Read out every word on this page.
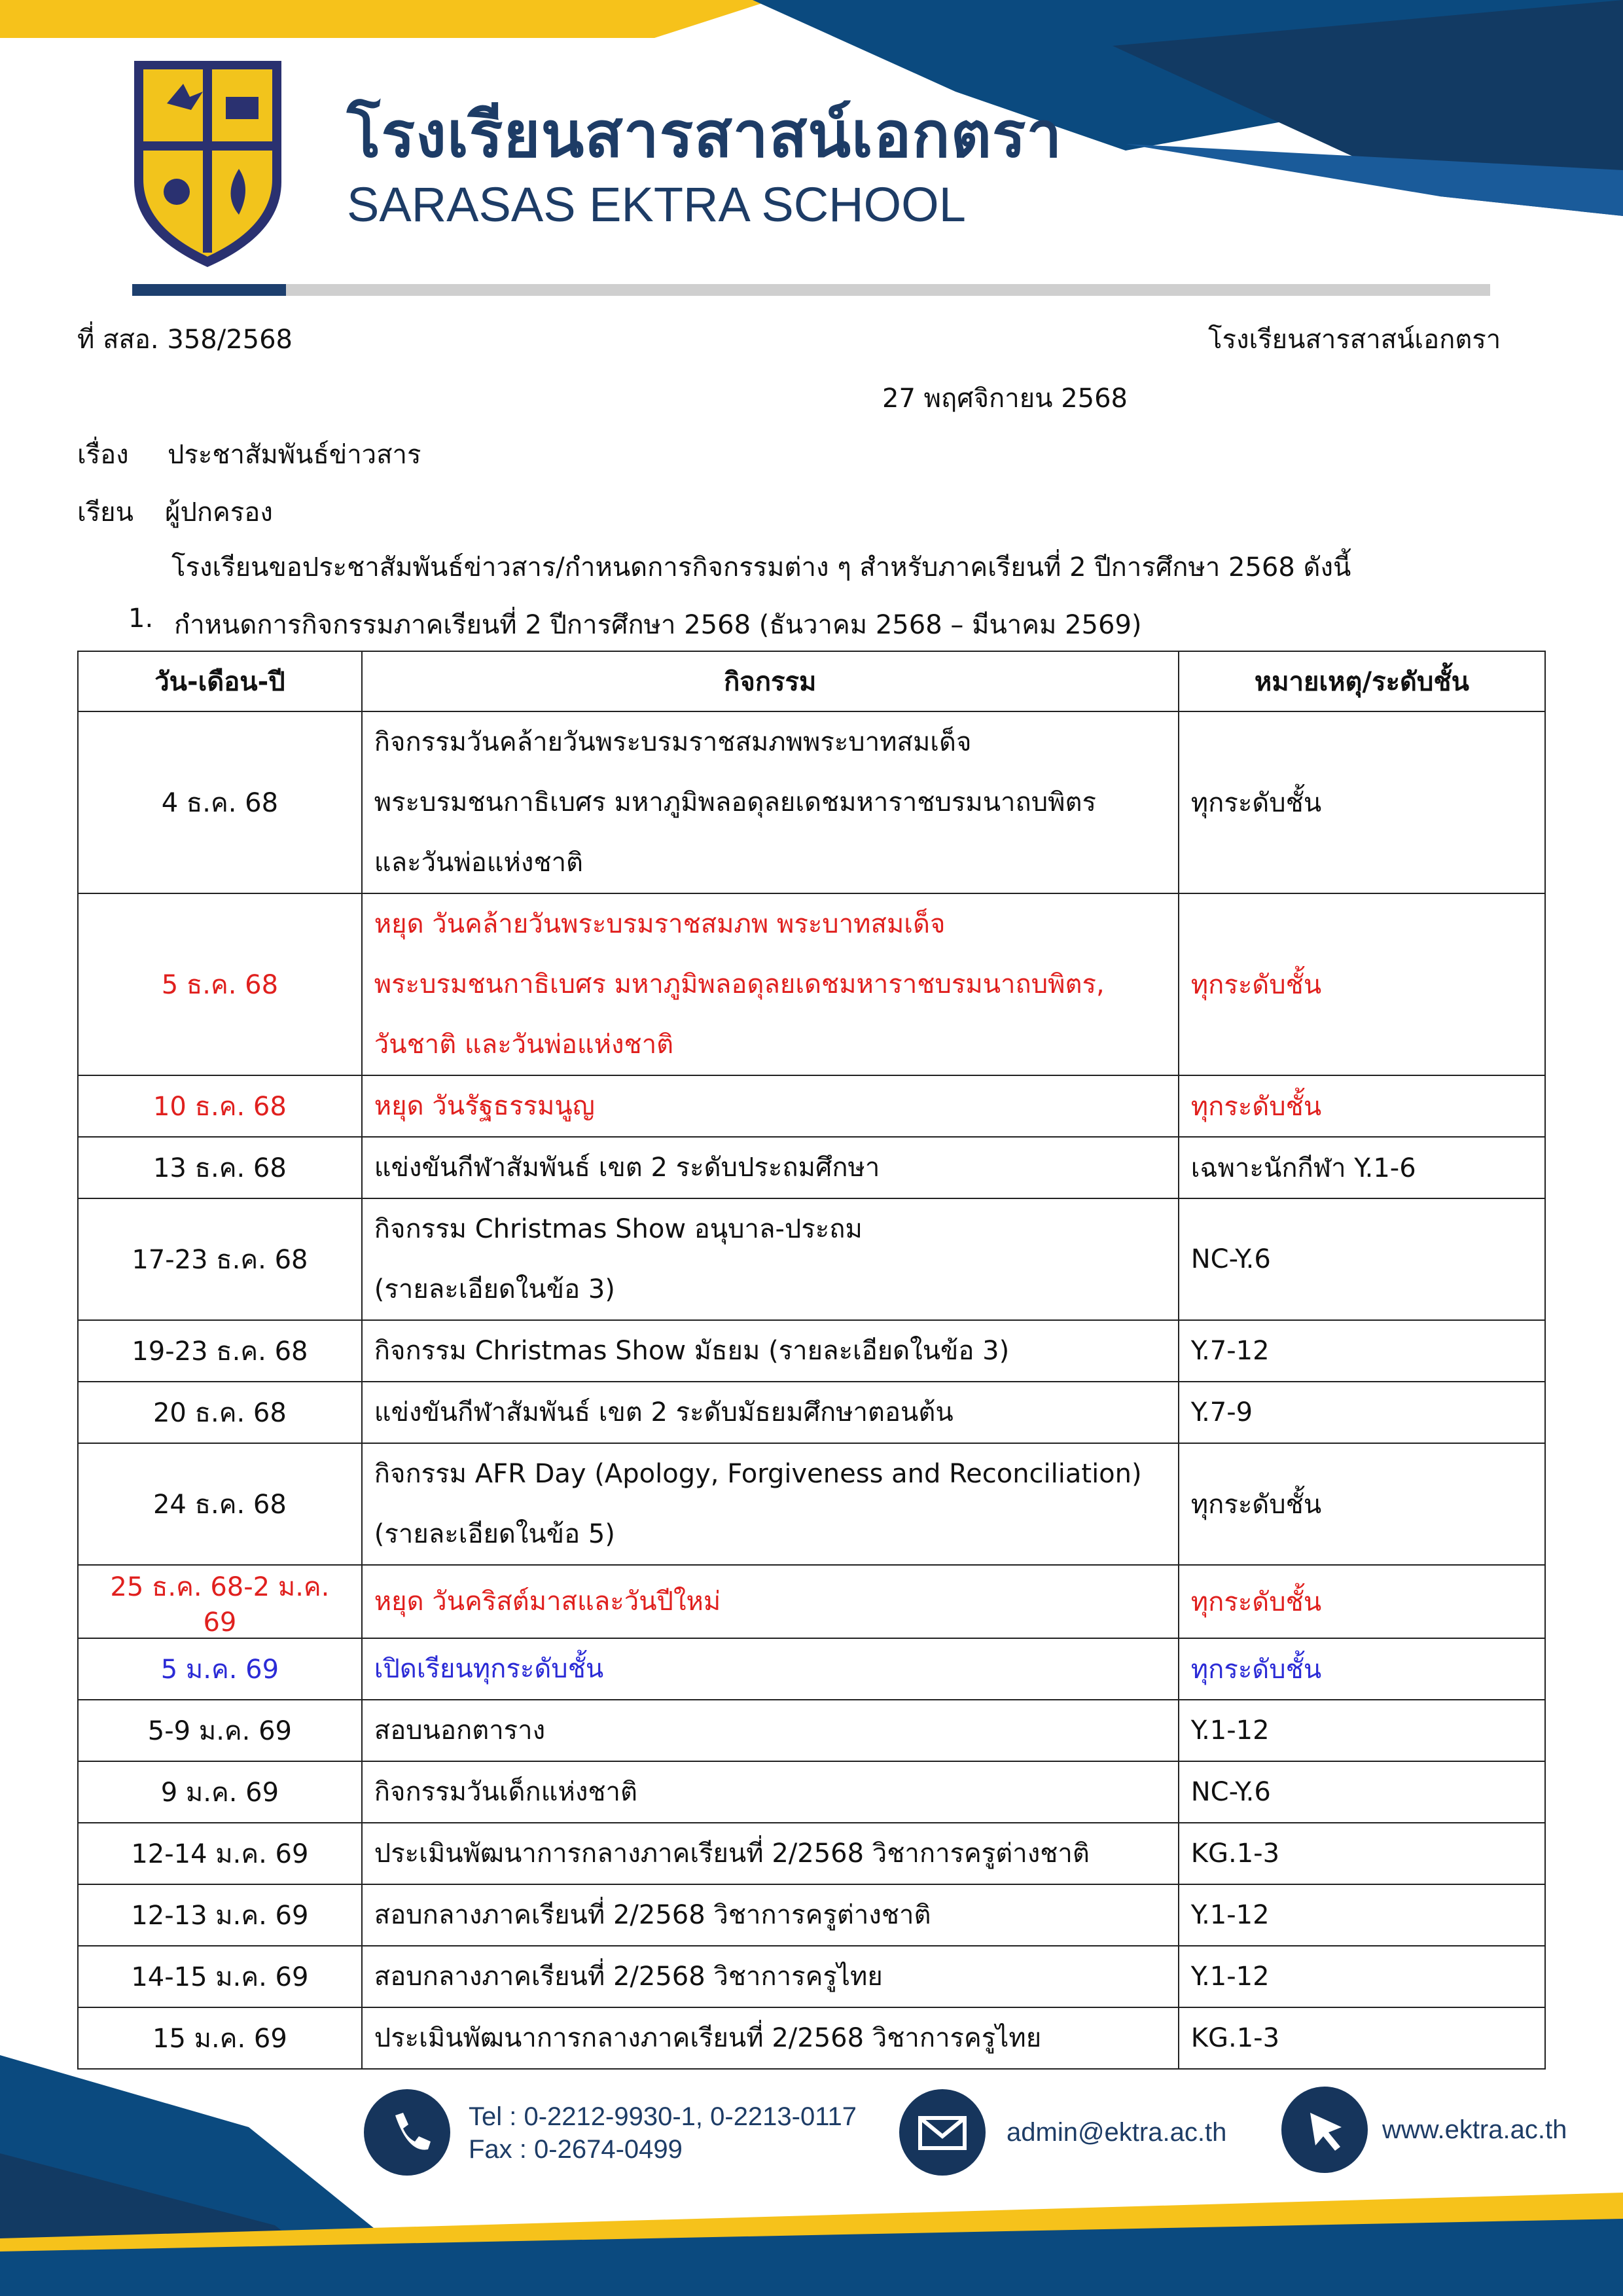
โรงเรียนสารสาสน์เอกตรา
SARASAS EKTRA SCHOOL
ที่ สสอ. 358/2568	โรงเรียนสารสาสน์เอกตรา
27 พฤศจิกายน 2568
เรื่อง ประชาสัมพันธ์ข่าวสาร
เรียน ผู้ปกครอง
โรงเรียนขอประชาสัมพันธ์ข่าวสาร/กำหนดการกิจกรรมต่าง ๆ สำหรับภาคเรียนที่ 2 ปีการศึกษา 2568 ดังนี้
1. กำหนดการกิจกรรมภาคเรียนที่ 2 ปีการศึกษา 2568 (ธันวาคม 2568 – มีนาคม 2569)
วัน-เดือน-ปี	กิจกรรม	หมายเหตุ/ระดับชั้น
4 ธ.ค. 68	กิจกรรมวันคล้ายวันพระบรมราชสมภพพระบาทสมเด็จ
พระบรมชนกาธิเบศร มหาภูมิพลอดุลยเดชมหาราชบรมนาถบพิตร
และวันพ่อแห่งชาติ	ทุกระดับชั้น
5 ธ.ค. 68	หยุด วันคล้ายวันพระบรมราชสมภพ พระบาทสมเด็จ
พระบรมชนกาธิเบศร มหาภูมิพลอดุลยเดชมหาราชบรมนาถบพิตร,
วันชาติ และวันพ่อแห่งชาติ	ทุกระดับชั้น
10 ธ.ค. 68	หยุด วันรัฐธรรมนูญ	ทุกระดับชั้น
13 ธ.ค. 68	แข่งขันกีฬาสัมพันธ์ เขต 2 ระดับประถมศึกษา	เฉพาะนักกีฬา Y.1-6
17-23 ธ.ค. 68	กิจกรรม Christmas Show อนุบาล-ประถม
(รายละเอียดในข้อ 3)	NC-Y.6
19-23 ธ.ค. 68	กิจกรรม Christmas Show มัธยม (รายละเอียดในข้อ 3)	Y.7-12
20 ธ.ค. 68	แข่งขันกีฬาสัมพันธ์ เขต 2 ระดับมัธยมศึกษาตอนต้น	Y.7-9
24 ธ.ค. 68	กิจกรรม AFR Day (Apology, Forgiveness and Reconciliation)
(รายละเอียดในข้อ 5)	ทุกระดับชั้น
25 ธ.ค. 68-2 ม.ค. 69	หยุด วันคริสต์มาสและวันปีใหม่	ทุกระดับชั้น
5 ม.ค. 69	เปิดเรียนทุกระดับชั้น	ทุกระดับชั้น
5-9 ม.ค. 69	สอบนอกตาราง	Y.1-12
9 ม.ค. 69	กิจกรรมวันเด็กแห่งชาติ	NC-Y.6
12-14 ม.ค. 69	ประเมินพัฒนาการกลางภาคเรียนที่ 2/2568 วิชาการครูต่างชาติ	KG.1-3
12-13 ม.ค. 69	สอบกลางภาคเรียนที่ 2/2568 วิชาการครูต่างชาติ	Y.1-12
14-15 ม.ค. 69	สอบกลางภาคเรียนที่ 2/2568 วิชาการครูไทย	Y.1-12
15 ม.ค. 69	ประเมินพัฒนาการกลางภาคเรียนที่ 2/2568 วิชาการครูไทย	KG.1-3
Tel : 0-2212-9930-1, 0-2213-0117
Fax : 0-2674-0499
admin@ektra.ac.th	www.ektra.ac.th
